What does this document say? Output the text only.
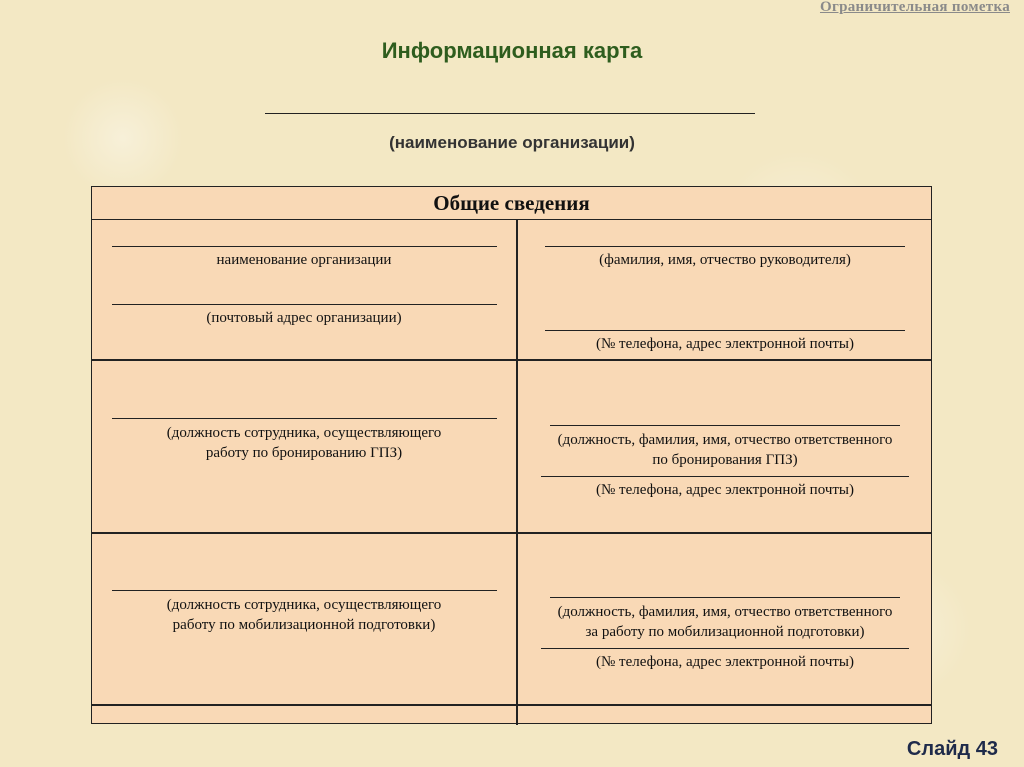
Ограничительная пометка
Информационная карта
(наименование организации)
Общие сведения
наименование организации
(почтовый адрес организации)
(фамилия, имя, отчество руководителя)
(№ телефона, адрес электронной почты)
(должность сотрудника, осуществляющего
работу по бронированию ГПЗ)
(должность, фамилия, имя, отчество ответственного
по бронирования ГПЗ)
(№ телефона, адрес электронной почты)
(должность сотрудника, осуществляющего
работу по мобилизационной подготовки)
(должность, фамилия, имя, отчество ответственного
за работу по мобилизационной подготовки)
(№ телефона, адрес электронной почты)
Слайд 43
